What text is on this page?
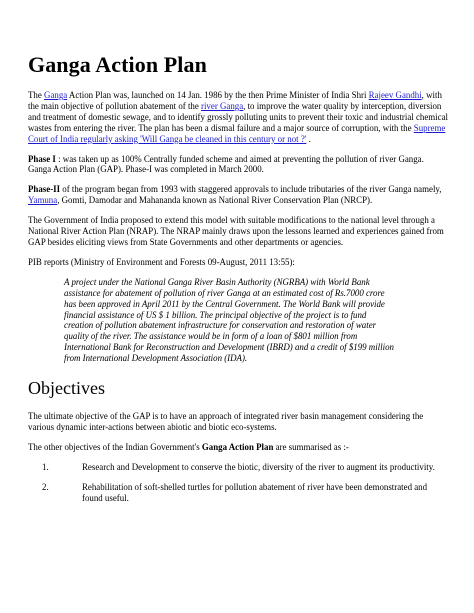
Ganga Action Plan

The Ganga Action Plan was, launched on 14 Jan. 1986 by the then Prime Minister of India Shri Rajeev Gandhi, with the main objective of pollution abatement of the river Ganga, to improve the water quality by interception, diversion and treatment of domestic sewage, and to identify grossly polluting units to prevent their toxic and industrial chemical wastes from entering the river. The plan has been a dismal failure and a major source of corruption, with the Supreme Court of India regularly asking 'Will Ganga be cleaned in this century or not ?' .

Phase I : was taken up as 100% Centrally funded scheme and aimed at preventing the pollution of river Ganga. Ganga Action Plan (GAP). Phase-I was completed in March 2000.

Phase-II of the program began from 1993 with staggered approvals to include tributaries of the river Ganga namely, Yamuna, Gomti, Damodar and Mahananda known as National River Conservation Plan (NRCP).

The Government of India proposed to extend this model with suitable modifications to the national level through a National River Action Plan (NRAP). The NRAP mainly draws upon the lessons learned and experiences gained from GAP besides eliciting views from State Governments and other departments or agencies.

PIB reports (Ministry of Environment and Forests 09-August, 2011 13:55):

A project under the National Ganga River Basin Authority (NGRBA) with World Bank assistance for abatement of pollution of river Ganga at an estimated cost of Rs.7000 crore has been approved in April 2011 by the Central Government. The World Bank will provide financial assistance of US $ 1 billion. The principal objective of the project is to fund creation of pollution abatement infrastructure for conservation and restoration of water quality of the river. The assistance would be in form of a loan of $801 million from International Bank for Reconstruction and Development (IBRD) and a credit of $199 million from International Development Association (IDA).

Objectives

The ultimate objective of the GAP is to have an approach of integrated river basin management considering the various dynamic inter-actions between abiotic and biotic eco-systems.

The other objectives of the Indian Government's Ganga Action Plan are summarised as :-

1.	Research and Development to conserve the biotic, diversity of the river to augment its productivity.
2.	Rehabilitation of soft-shelled turtles for pollution abatement of river have been demonstrated and found useful.
